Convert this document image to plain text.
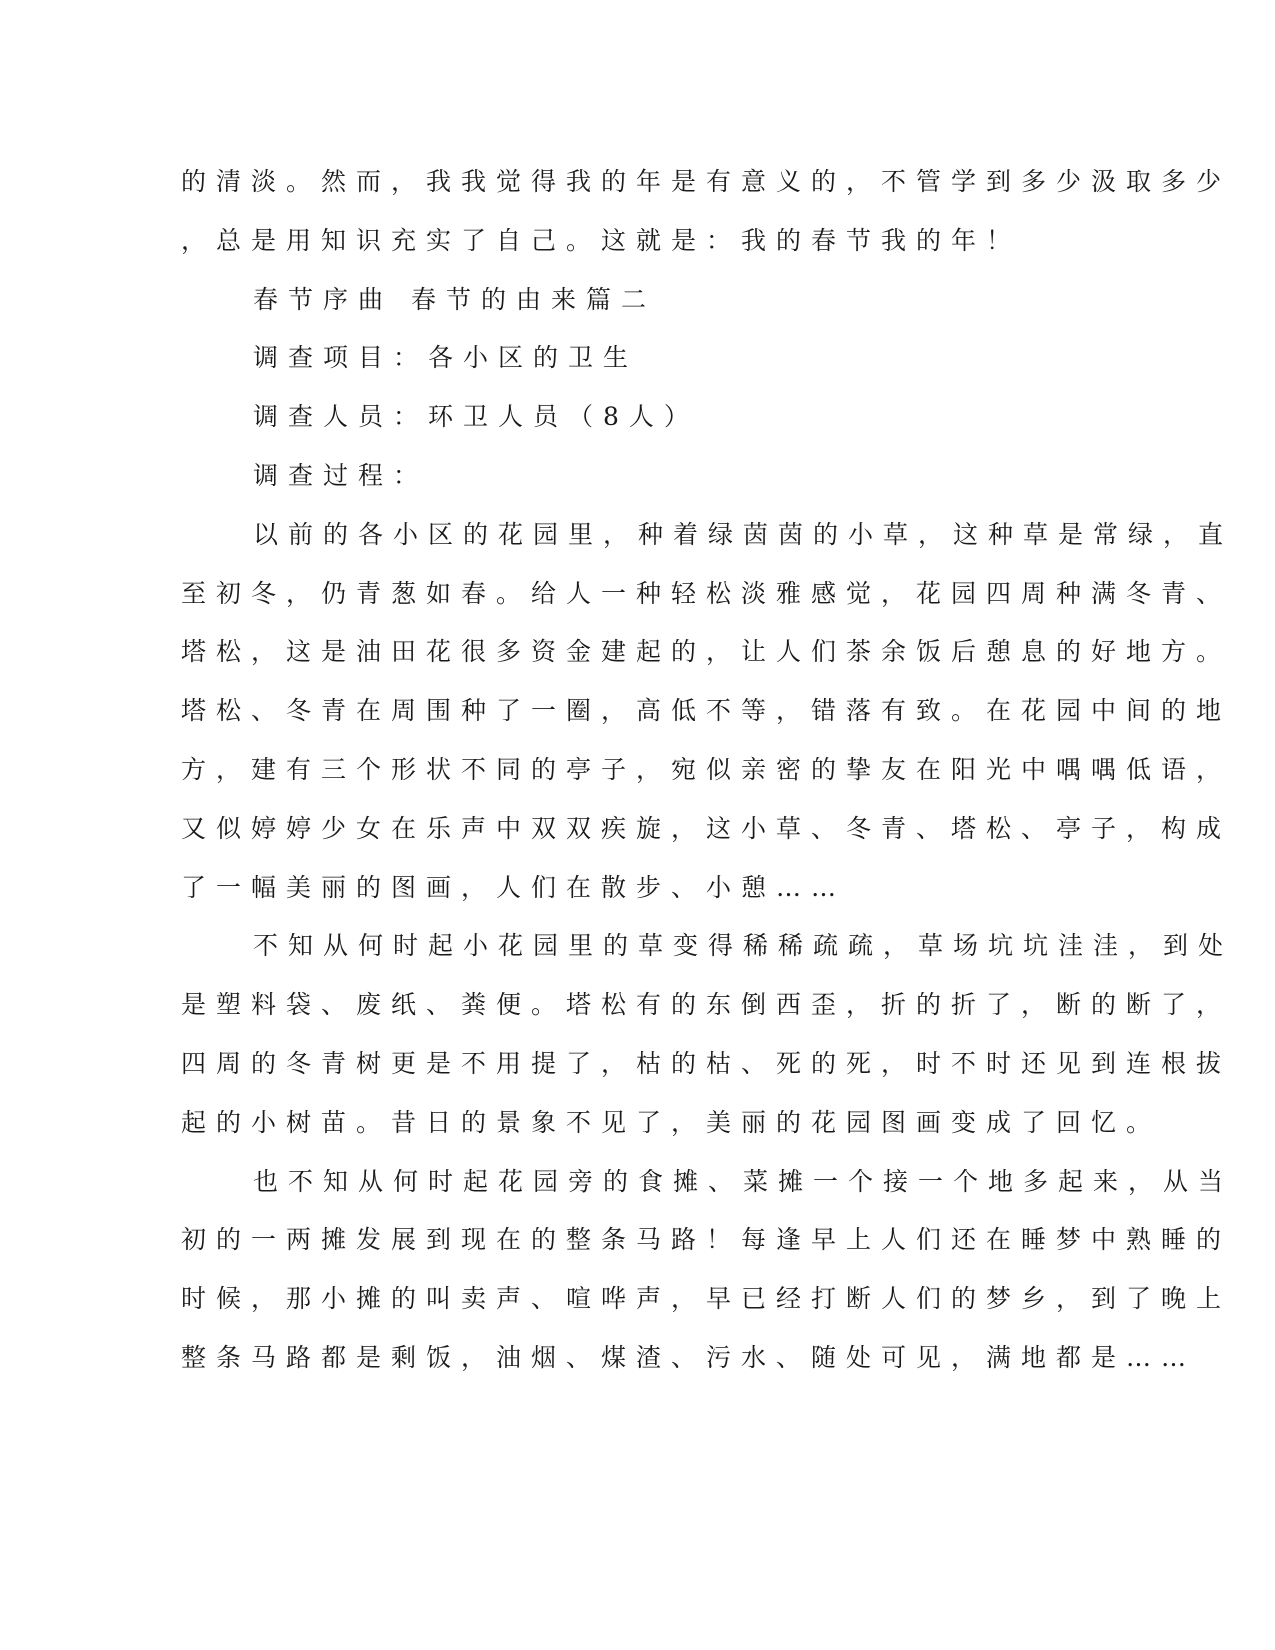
的清淡。然而，我我觉得我的年是有意义的，不管学到多少汲取多少
，总是用知识充实了自己。这就是：我的春节我的年！
春节序曲 春节的由来篇二
调查项目：各小区的卫生
调查人员：环卫人员（8人）
调查过程：
以前的各小区的花园里，种着绿茵茵的小草，这种草是常绿，直
至初冬，仍青葱如春。给人一种轻松淡雅感觉，花园四周种满冬青、
塔松，这是油田花很多资金建起的，让人们茶余饭后憩息的好地方。
塔松、冬青在周围种了一圈，高低不等，错落有致。在花园中间的地
方，建有三个形状不同的亭子，宛似亲密的挚友在阳光中喁喁低语，
又似婷婷少女在乐声中双双疾旋，这小草、冬青、塔松、亭子，构成
了一幅美丽的图画，人们在散步、小憩……
不知从何时起小花园里的草变得稀稀疏疏，草场坑坑洼洼，到处
是塑料袋、废纸、粪便。塔松有的东倒西歪，折的折了，断的断了，
四周的冬青树更是不用提了，枯的枯、死的死，时不时还见到连根拔
起的小树苗。昔日的景象不见了，美丽的花园图画变成了回忆。
也不知从何时起花园旁的食摊、菜摊一个接一个地多起来，从当
初的一两摊发展到现在的整条马路！每逢早上人们还在睡梦中熟睡的
时候，那小摊的叫卖声、喧哗声，早已经打断人们的梦乡，到了晚上
整条马路都是剩饭，油烟、煤渣、污水、随处可见，满地都是……
